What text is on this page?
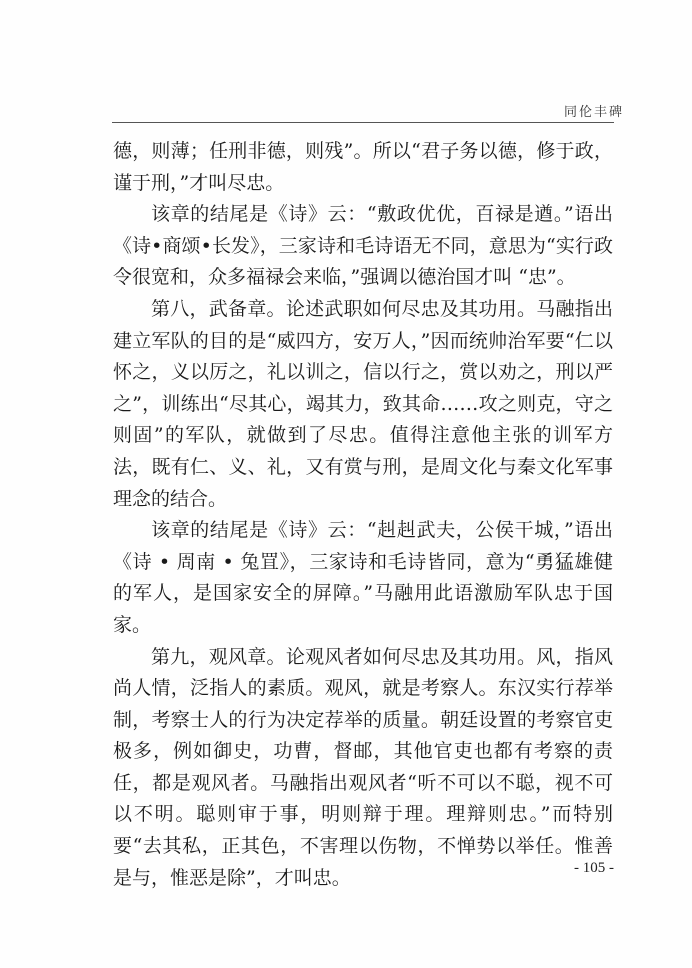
同伦丰碑

德，则薄；任刑非德，则残”。所以“君子务以德，修于政，谨于刑，”才叫尽忠。

该章的结尾是《诗》云：“敷政优优，百禄是遒。”语出《诗•商颂•长发》，三家诗和毛诗语无不同，意思为“实行政令很宽和，众多福禄会来临，”强调以德治国才叫 “忠”。

第八，武备章。论述武职如何尽忠及其功用。马融指出建立军队的目的是“威四方，安万人，”因而统帅治军要“仁以怀之，义以厉之，礼以训之，信以行之，赏以劝之，刑以严之”，训练出“尽其心，竭其力，致其命……攻之则克，守之则固”的军队，就做到了尽忠。值得注意他主张的训军方法，既有仁、义、礼，又有赏与刑，是周文化与秦文化军事理念的结合。

该章的结尾是《诗》云：“赳赳武夫，公侯干城，”语出《诗 • 周南 • 兔罝》，三家诗和毛诗皆同，意为“勇猛雄健的军人，是国家安全的屏障。”马融用此语激励军队忠于国家。

第九，观风章。论观风者如何尽忠及其功用。风，指风尚人情，泛指人的素质。观风，就是考察人。东汉实行荐举制，考察士人的行为决定荐举的质量。朝廷设置的考察官吏极多，例如御史，功曹，督邮，其他官吏也都有考察的责任，都是观风者。马融指出观风者“听不可以不聪，视不可以不明。聪则审于事，明则辩于理。理辩则忠。”而特别要“去其私，正其色，不害理以伤物，不惮势以举任。惟善是与，惟恶是除”，才叫忠。	- 105 -
